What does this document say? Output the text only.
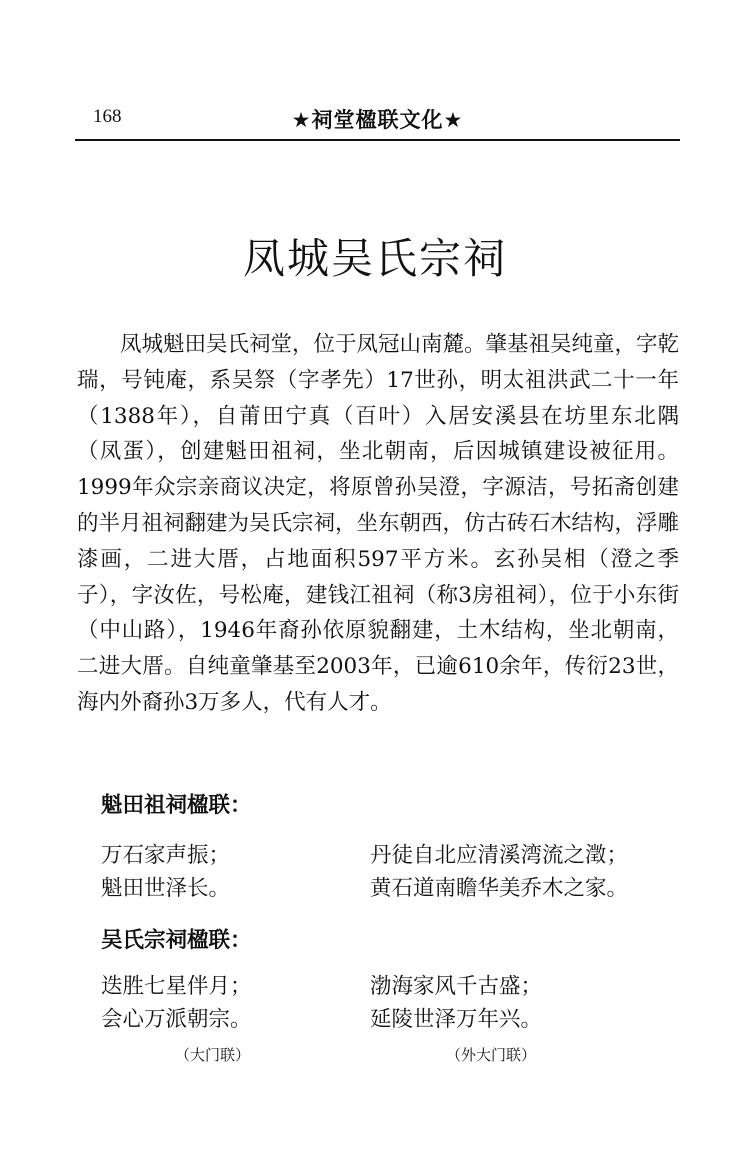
168	★祠堂楹联文化★
凤城吴氏宗祠

凤城魁田吴氏祠堂，位于凤冠山南麓。肇基祖吴纯童，字乾瑞，号钝庵，系吴祭（字孝先）17世孙，明太祖洪武二十一年（1388年），自莆田宁真（百叶）入居安溪县在坊里东北隅（凤蛋），创建魁田祖祠，坐北朝南，后因城镇建设被征用。1999年众宗亲商议决定，将原曾孙吴澄，字源洁，号拓斋创建的半月祖祠翻建为吴氏宗祠，坐东朝西，仿古砖石木结构，浮雕漆画，二进大厝，占地面积597平方米。玄孙吴相（澄之季子），字汝佐，号松庵，建钱江祖祠（称3房祖祠），位于小东街（中山路），1946年裔孙依原貌翻建，土木结构，坐北朝南，二进大厝。自纯童肇基至2003年，已逾610余年，传衍23世，海内外裔孙3万多人，代有人才。

魁田祖祠楹联：
万石家声振；
魁田世泽长。
丹徒自北应清溪湾流之澂；
黄石道南瞻华美乔木之家。
吴氏宗祠楹联：
迭胜七星伴月；
会心万派朝宗。
渤海家风千古盛；
延陵世泽万年兴。
（大门联）	（外大门联）
